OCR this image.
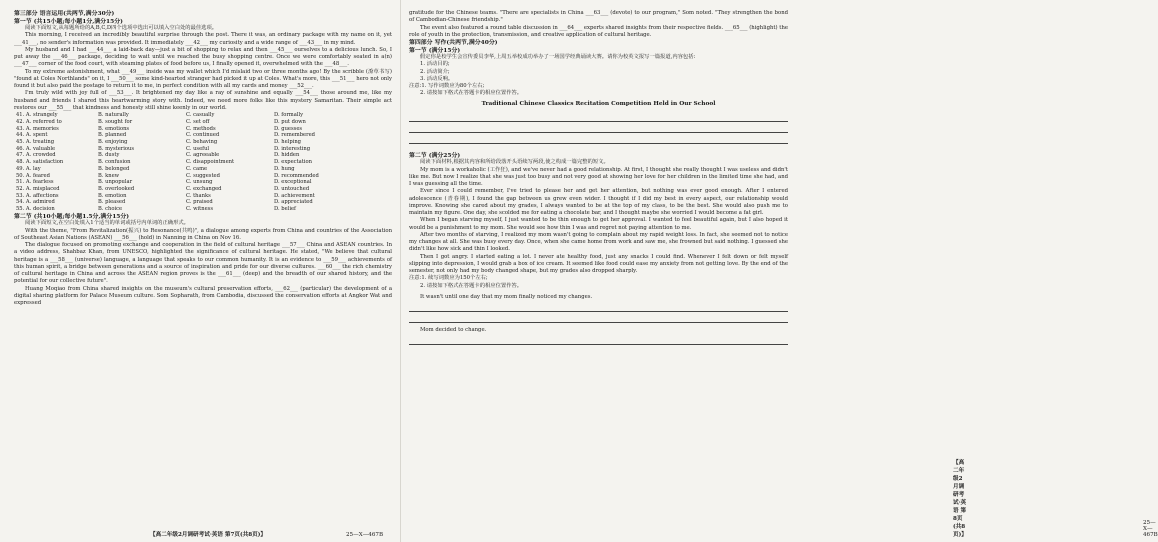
第三部分 语言运用(共两节,满分30分)

第一节 (共15小题;每小题1分,满分15分)

阅读下面短文,从每题所给的A,B,C,D四个选项中选出可以填入空白处的最佳选项。

This morning, I received an incredibly beautiful surprise through the post. There it was, an ordinary package with my name on it, yet ___41___, no sender's information was provided. It immediately ___42___ my curiosity and a wide range of ___43___ in my mind.

My husband and I had ___44___ a laid-back day—just a bit of shopping to relax and then ___45___ ourselves to a delicious lunch. So, I put away the ___46___ package, deciding to wait until we reached the busy shopping centre. Once we were comfortably seated in a(n) ___47___ corner of the food court, with steaming plates of food before us, I finally opened it, overwhelmed with the ___48___.

To my extreme astonishment, what ___49___ inside was my wallet which I'd mislaid two or three months ago! By the scribble (潦草书写) "found at Coles Northlands" on it, I ___50___ some kind-hearted stranger had picked it up at Coles. What's more, this ___51___ hero not only found it but also paid the postage to return it to me, in perfect condition with all my cards and money ___52___.

I'm truly wild with joy full of ___53___. It brightened my day like a ray of sunshine and equally ___54___ those around me, like my husband and friends I shared this heartwarming story with. Indeed, we need more folks like this mystery Samaritan. Their simple act restores our ___55___ that kindness and honesty still shine keenly in our world.

41. A. strangely	B. naturally	C. casually	D. formally
42. A. referred to	B. sought for	C. set off	D. put down
43. A. memories	B. emotions	C. methods	D. guesses
44. A. spent	B. planned	C. continued	D. remembered
45. A. treating	B. enjoying	C. behaving	D. helping
46. A. valuable	B. mysterious	C. useful	D. interesting
47. A. crowded	B. dusty	C. agreeable	D. hidden
48. A. satisfaction	B. confusion	C. disappointment	D. expectation
49. A. lay	B. belonged	C. came	D. hung
50. A. feared	B. knew	C. suggested	D. recommended
51. A. fearless	B. unpopular	C. unsung	D. exceptional
52. A. misplaced	B. overlooked	C. exchanged	D. untouched
53. A. affections	B. emotion	C. thanks	D. achievement
54. A. admired	B. pleased	C. praised	D. appreciated
55. A. decision	B. choice	C. witness	D. belief

第二节 (共10小题;每小题1.5分,满分15分)

阅读下面短文,在空白处填入1个适当的单词或括号内单词的正确形式。

With the theme, "From Revitalization(振兴) to Resonance(共鸣)", a dialogue among experts from China and countries of the Association of Southeast Asian Nations (ASEAN) ___56___ (hold) in Nanning in China on Nov 16.

The dialogue focused on promoting exchange and cooperation in the field of cultural heritage ___57___ China and ASEAN countries. In a video address, Shahbaz Khan, from UNESCO, highlighted the significance of cultural heritage. He stated, "We believe that cultural heritage is a ___58___ (universe) language, a language that speaks to our common humanity. It is an evidence to ___59___ achievements of this human spirit, a bridge between generations and a source of inspiration and pride for our diverse cultures. ___60___ the rich chemistry of cultural heritage in China and across the ASEAN region proves is the ___61___ (deep) and the breadth of our shared history, and the potential for our collective future".

Huang Moqiao from China shared insights on the museum's cultural preservation efforts, ___62___ (particular) the development of a digital sharing platform for Palace Museum culture. Som Sopharath, from Cambodia, discussed the conservation efforts at Angkor Wat and expressed

【高二年级2月调研考试·英语 第7页(共8页)】	25—X—467B

gratitude for the Chinese teams. "There are specialists in China ___63___ (devote) to our program," Som noted. "They strengthen the bond of Cambodian-Chinese friendship."

The event also featured a round table discussion in ___64___ experts shared insights from their respective fields. ___65___ (highlight) the role of youth in the protection, transmission, and creative application of cultural heritage.

第四部分 写作(共两节,满分40分)

第一节 (满分15分)

假定你是校学生会宣传委员李华,上周五举校成功举办了一场国学经典诵读大赛。请你为校英文报写一篇报道,内容包括:

1. 活动目的;

2. 活动简介;

3. 活动反响。

注意:1. 写作词数应为80个左右;

2. 请按如下格式在答题卡的相应位置作答。

Traditional Chinese Classics Recitation Competition Held in Our School

第二节 (满分25分)

阅读下面材料,根据其内容和所给段落开头语续写两段,使之构成一篇完整的短文。

My mom is a workaholic (工作狂), and we've never had a good relationship. At first, I thought she really thought I was useless and didn't like me. But now I realize that she was just too busy and not very good at showing her love for her children in the limited time she had, and I was guessing all the time.

Ever since I could remember, I've tried to please her and get her attention, but nothing was ever good enough. After I entered adolescence (青春期), I found the gap between us grew even wider. I thought if I did my best in every aspect, our relationship would improve. Knowing she cared about my grades, I always wanted to be at the top of my class, to be the best. She would also push me to maintain my figure. One day, she scolded me for eating a chocolate bar, and I thought maybe she worried I would become a fat girl.

When I began starving myself, I just wanted to be thin enough to get her approval. I wanted to feel beautiful again, but I also hoped it would be a punishment to my mom. She would see how thin I was and regret not paying attention to me.

After two months of starving, I realized my mom wasn't going to complain about my rapid weight loss. In fact, she seemed not to notice my changes at all. She was busy every day. Once, when she came home from work and saw me, she frowned but said nothing. I guessed she didn't like how sick and thin I looked.

Then I got angry. I started eating a lot. I never ate healthy food, just any snacks I could find. Whenever I felt down or felt myself slipping into depression, I would grab a box of ice cream. It seemed like food could ease my anxiety from not getting love. By the end of the semester, not only had my body changed shape, but my grades also dropped sharply.

注意:1. 续写词数应为150个左右;

2. 请按如下格式在答题卡的相应位置作答。

It wasn't until one day that my mom finally noticed my changes.

Mom decided to change.

【高二年级2月调研考试·英语 第8页(共8页)】
25—X—467B
